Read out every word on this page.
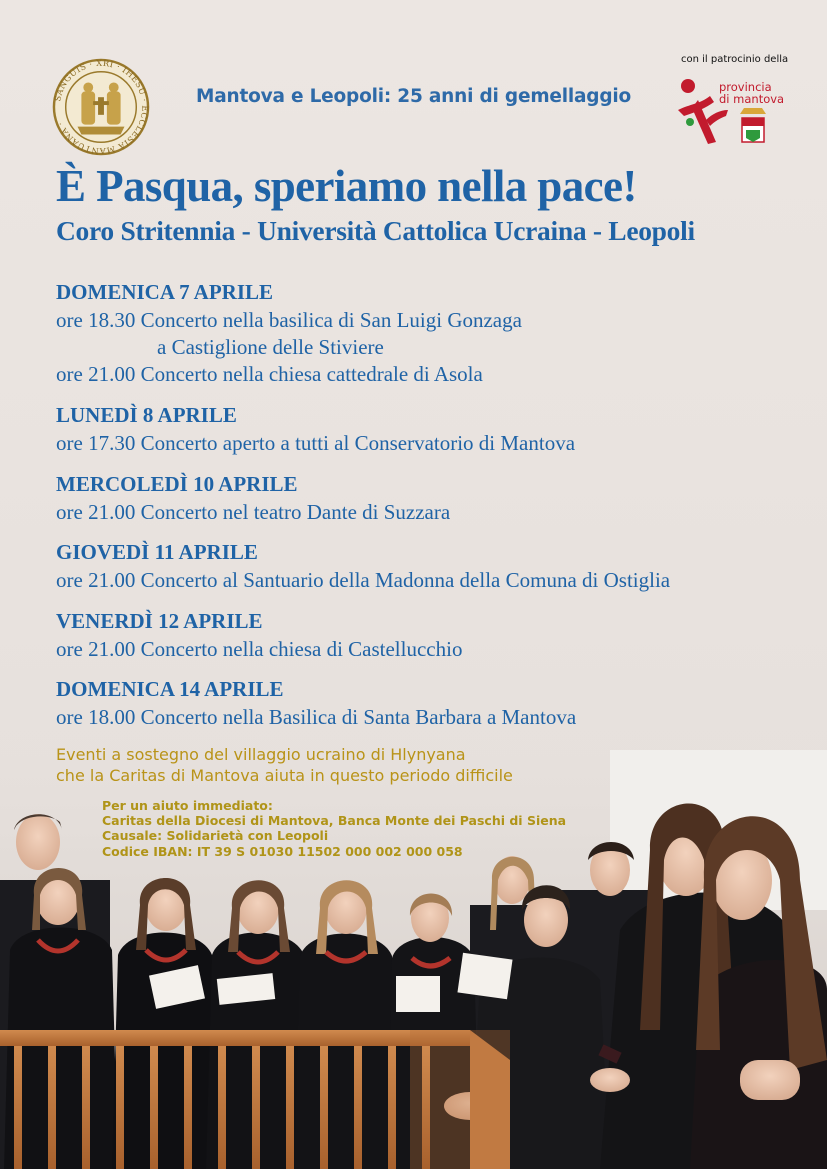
SANGUIS · XRI · IHESU · ECCLESIA MANTUANA ·
Mantova e Leopoli: 25 anni di gemellaggio
con il patrocinio della
provincia
di mantova
È Pasqua, speriamo nella pace!
Coro Stritennia - Università Cattolica Ucraina - Leopoli
DOMENICA 7 APRILE
ore 18.30 Concerto nella basilica di San Luigi Gonzaga
a Castiglione delle Stiviere
ore 21.00 Concerto nella chiesa cattedrale di Asola
LUNEDÌ 8 APRILE
ore 17.30 Concerto aperto a tutti al Conservatorio di Mantova
MERCOLEDÌ 10 APRILE
ore 21.00 Concerto nel teatro Dante di Suzzara
GIOVEDÌ 11 APRILE
ore 21.00 Concerto al Santuario della Madonna della Comuna di Ostiglia
VENERDÌ 12 APRILE
ore 21.00 Concerto nella chiesa di Castellucchio
DOMENICA 14 APRILE
ore 18.00 Concerto nella Basilica di Santa Barbara a Mantova
Eventi a sostegno del villaggio ucraino di Hlynyana
che la Caritas di Mantova aiuta in questo periodo difficile
Per un aiuto immediato:
Caritas della Diocesi di Mantova, Banca Monte dei Paschi di Siena
Causale: Solidarietà con Leopoli
Codice IBAN: IT 39 S 01030 11502 000 002 000 058
